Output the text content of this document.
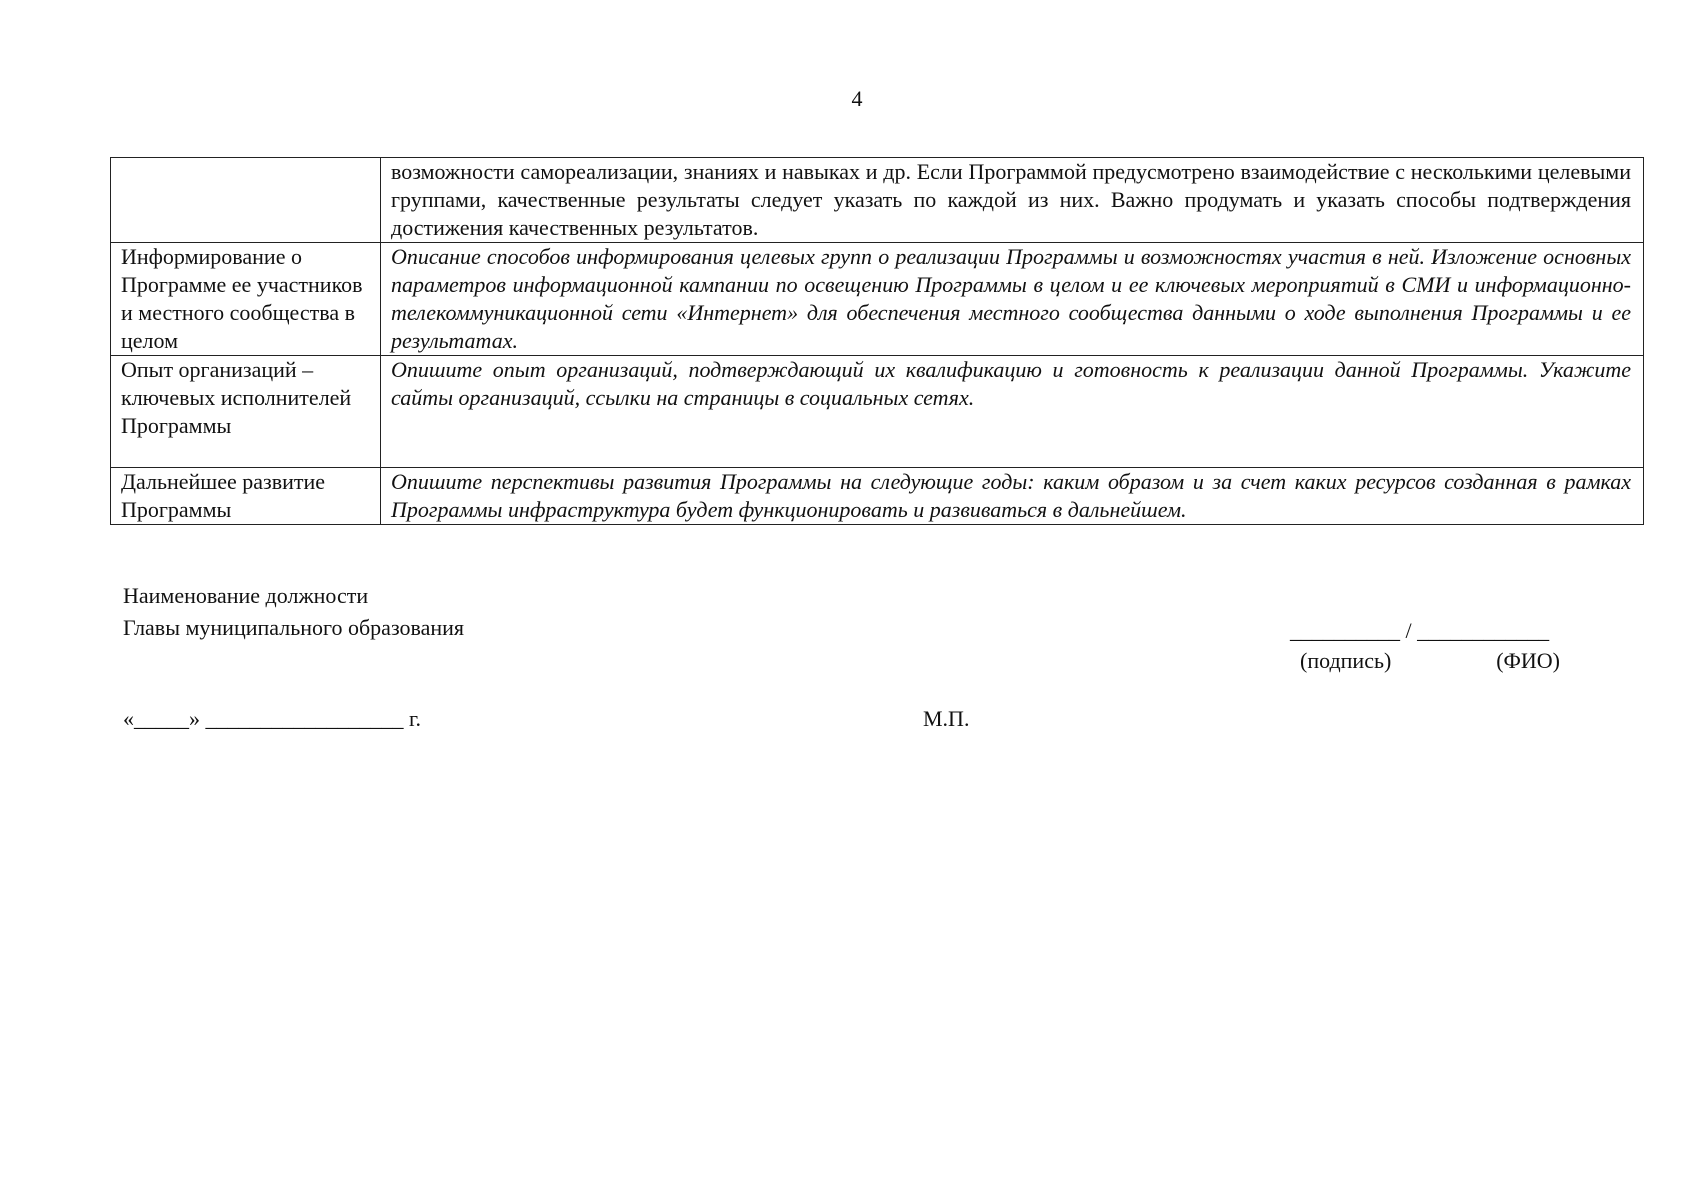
4
	возможности самореализации, знаниях и навыках и др. Если Программой предусмотрено взаимодействие с несколькими целевыми группами, качественные результаты следует указать по каждой из них. Важно продумать и указать способы подтверждения достижения качественных результатов.
Информирование о Программе ее участников и местного сообщества в целом	Описание способов информирования целевых групп о реализации Программы и возможностях участия в ней. Изложение основных параметров информационной кампании по освещению Программы в целом и ее ключевых мероприятий в СМИ и информационно-телекоммуникационной сети «Интернет» для обеспечения местного сообщества данными о ходе выполнения Программы и ее результатах.
Опыт организаций – ключевых исполнителей Программы	Опишите опыт организаций, подтверждающий их квалификацию и готовность к реализации данной Программы. Укажите сайты организаций, ссылки на страницы в социальных сетях.
Дальнейшее развитие Программы	Опишите перспективы развития Программы на следующие годы: каким образом и за счет каких ресурсов созданная в рамках Программы инфраструктура будет функционировать и развиваться в дальнейшем.
Наименование должности
Главы муниципального образования	__________ / ____________
(подпись)	(ФИО)
«_____» __________________ г.	М.П.
